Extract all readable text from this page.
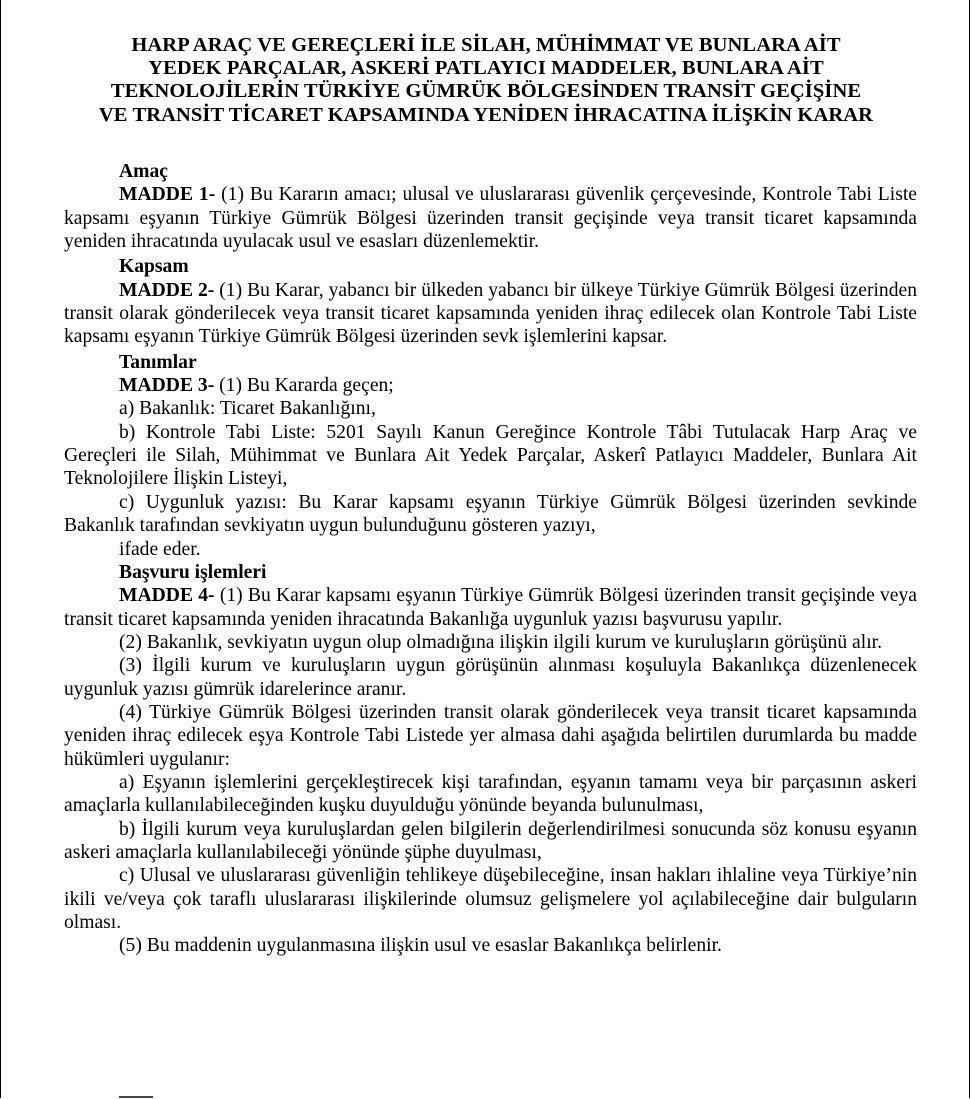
HARP ARAÇ VE GEREÇLERİ İLE SİLAH, MÜHİMMAT VE BUNLARA AİT
YEDEK PARÇALAR, ASKERİ PATLAYICI MADDELER, BUNLARA AİT
TEKNOLOJİLERİN TÜRKİYE GÜMRÜK BÖLGESİNDEN TRANSİT GEÇİŞİNE
VE TRANSİT TİCARET KAPSAMINDA YENİDEN İHRACATINA İLİŞKİN KARAR

Amaç

MADDE 1- (1) Bu Kararın amacı; ulusal ve uluslararası güvenlik çerçevesinde, Kontrole Tabi Liste kapsamı eşyanın Türkiye Gümrük Bölgesi üzerinden transit geçişinde veya transit ticaret kapsamında yeniden ihracatında uyulacak usul ve esasları düzenlemektir.

Kapsam

MADDE 2- (1) Bu Karar, yabancı bir ülkeden yabancı bir ülkeye Türkiye Gümrük Bölgesi üzerinden transit olarak gönderilecek veya transit ticaret kapsamında yeniden ihraç edilecek olan Kontrole Tabi Liste kapsamı eşyanın Türkiye Gümrük Bölgesi üzerinden sevk işlemlerini kapsar.

Tanımlar

MADDE 3- (1) Bu Kararda geçen;

a) Bakanlık: Ticaret Bakanlığını,

b) Kontrole Tabi Liste: 5201 Sayılı Kanun Gereğince Kontrole Tâbi Tutulacak Harp Araç ve Gereçleri ile Silah, Mühimmat ve Bunlara Ait Yedek Parçalar, Askerî Patlayıcı Maddeler, Bunlara Ait Teknolojilere İlişkin Listeyi,

c) Uygunluk yazısı: Bu Karar kapsamı eşyanın Türkiye Gümrük Bölgesi üzerinden sevkinde Bakanlık tarafından sevkiyatın uygun bulunduğunu gösteren yazıyı,

ifade eder.

Başvuru işlemleri

MADDE 4- (1) Bu Karar kapsamı eşyanın Türkiye Gümrük Bölgesi üzerinden transit geçişinde veya transit ticaret kapsamında yeniden ihracatında Bakanlığa uygunluk yazısı başvurusu yapılır.

(2) Bakanlık, sevkiyatın uygun olup olmadığına ilişkin ilgili kurum ve kuruluşların görüşünü alır.

(3) İlgili kurum ve kuruluşların uygun görüşünün alınması koşuluyla Bakanlıkça düzenlenecek uygunluk yazısı gümrük idarelerince aranır.

(4) Türkiye Gümrük Bölgesi üzerinden transit olarak gönderilecek veya transit ticaret kapsamında yeniden ihraç edilecek eşya Kontrole Tabi Listede yer almasa dahi aşağıda belirtilen durumlarda bu madde hükümleri uygulanır:

a) Eşyanın işlemlerini gerçekleştirecek kişi tarafından, eşyanın tamamı veya bir parçasının askeri amaçlarla kullanılabileceğinden kuşku duyulduğu yönünde beyanda bulunulması,

b) İlgili kurum veya kuruluşlardan gelen bilgilerin değerlendirilmesi sonucunda söz konusu eşyanın askeri amaçlarla kullanılabileceği yönünde şüphe duyulması,

c) Ulusal ve uluslararası güvenliğin tehlikeye düşebileceğine, insan hakları ihlaline veya Türkiye’nin ikili ve/veya çok taraflı uluslararası ilişkilerinde olumsuz gelişmelere yol açılabileceğine dair bulguların olması.

(5) Bu maddenin uygulanmasına ilişkin usul ve esaslar Bakanlıkça belirlenir.
